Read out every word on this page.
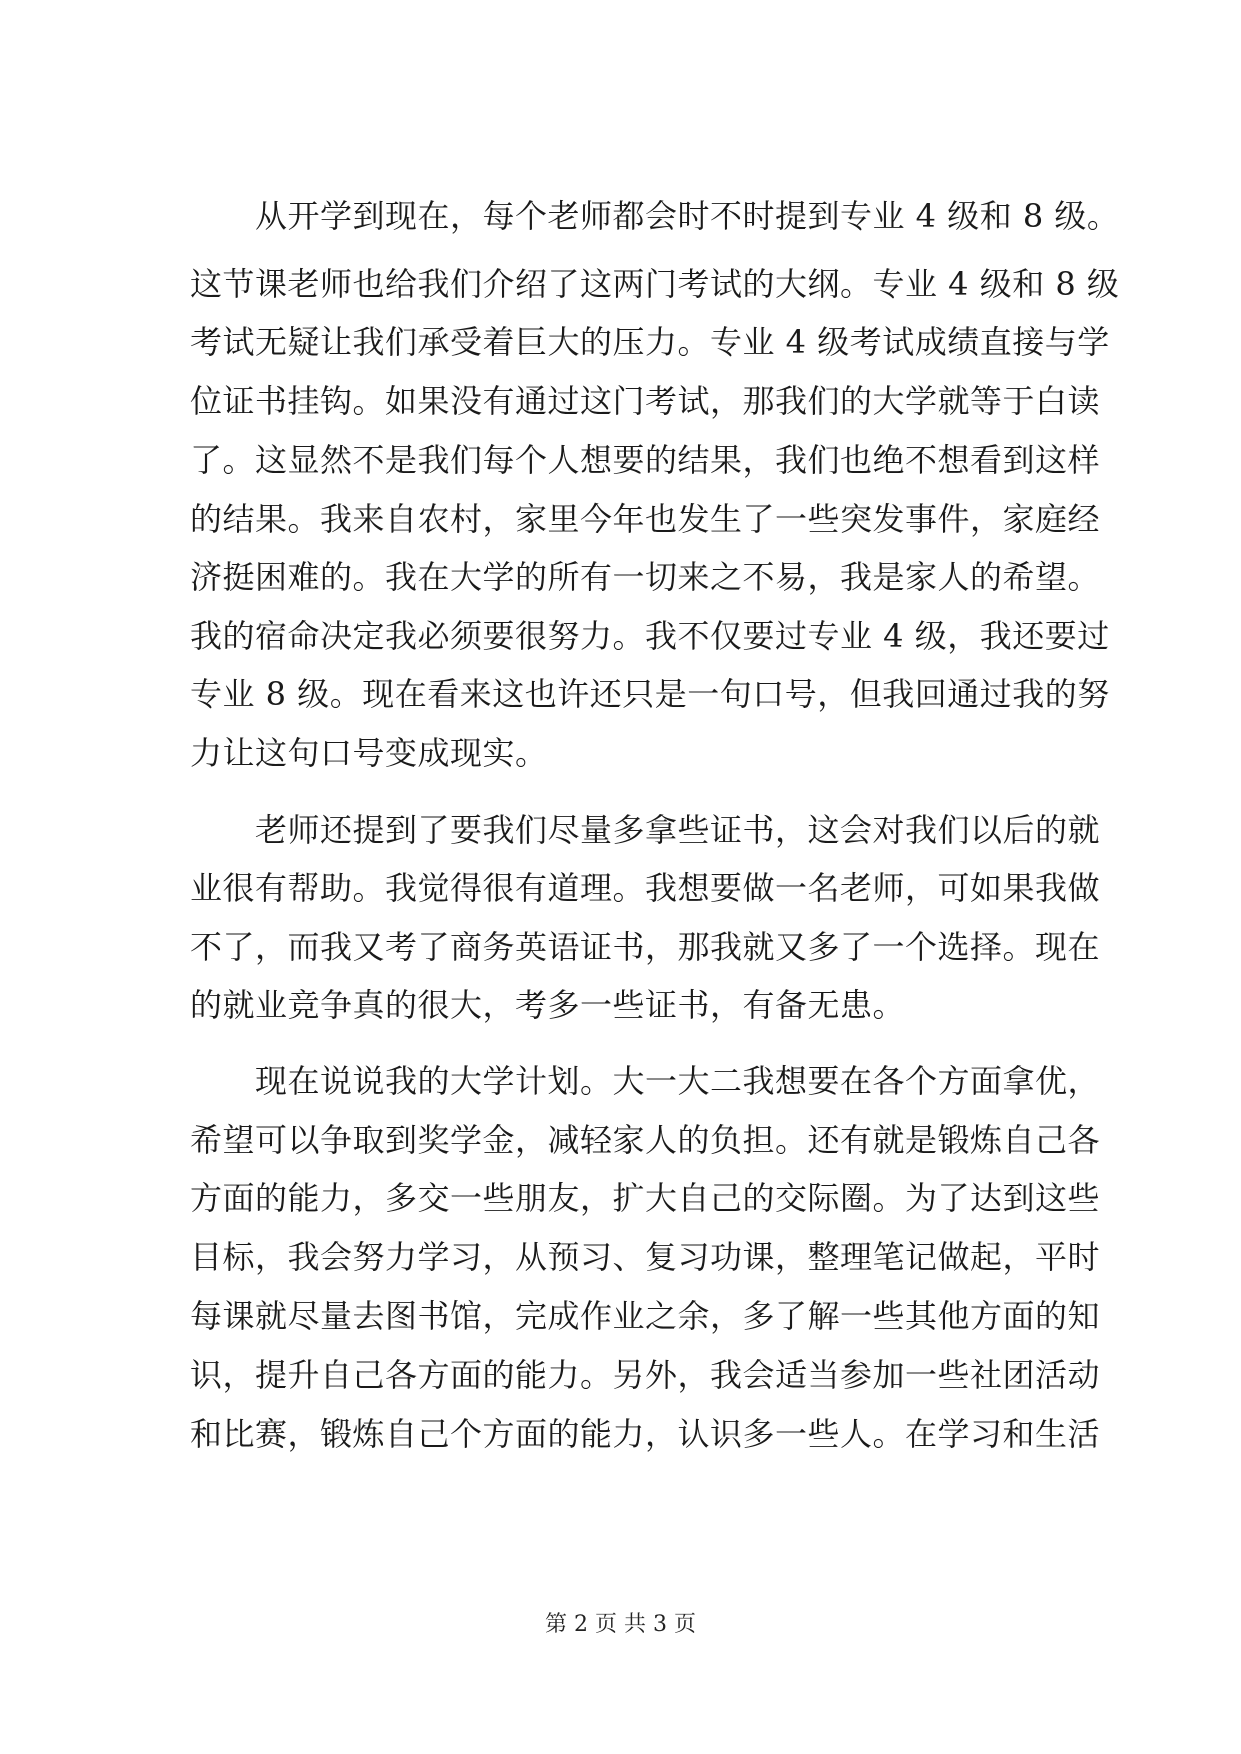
　　从开学到现在，每个老师都会时不时提到专业 4 级和 8 级。
这节课老师也给我们介绍了这两门考试的大纲。专业 4 级和 8 级
考试无疑让我们承受着巨大的压力。专业 4 级考试成绩直接与学
位证书挂钩。如果没有通过这门考试，那我们的大学就等于白读
了。这显然不是我们每个人想要的结果，我们也绝不想看到这样
的结果。我来自农村，家里今年也发生了一些突发事件，家庭经
济挺困难的。我在大学的所有一切来之不易，我是家人的希望。
我的宿命决定我必须要很努力。我不仅要过专业 4 级，我还要过
专业 8 级。现在看来这也许还只是一句口号，但我回通过我的努
力让这句口号变成现实。
　　老师还提到了要我们尽量多拿些证书，这会对我们以后的就
业很有帮助。我觉得很有道理。我想要做一名老师，可如果我做
不了，而我又考了商务英语证书，那我就又多了一个选择。现在
的就业竞争真的很大，考多一些证书，有备无患。
　　现在说说我的大学计划。大一大二我想要在各个方面拿优，
希望可以争取到奖学金，减轻家人的负担。还有就是锻炼自己各
方面的能力，多交一些朋友，扩大自己的交际圈。为了达到这些
目标，我会努力学习，从预习、复习功课，整理笔记做起，平时
每课就尽量去图书馆，完成作业之余，多了解一些其他方面的知
识，提升自己各方面的能力。另外，我会适当参加一些社团活动
和比赛，锻炼自己个方面的能力，认识多一些人。在学习和生活
第 2 页 共 3 页
